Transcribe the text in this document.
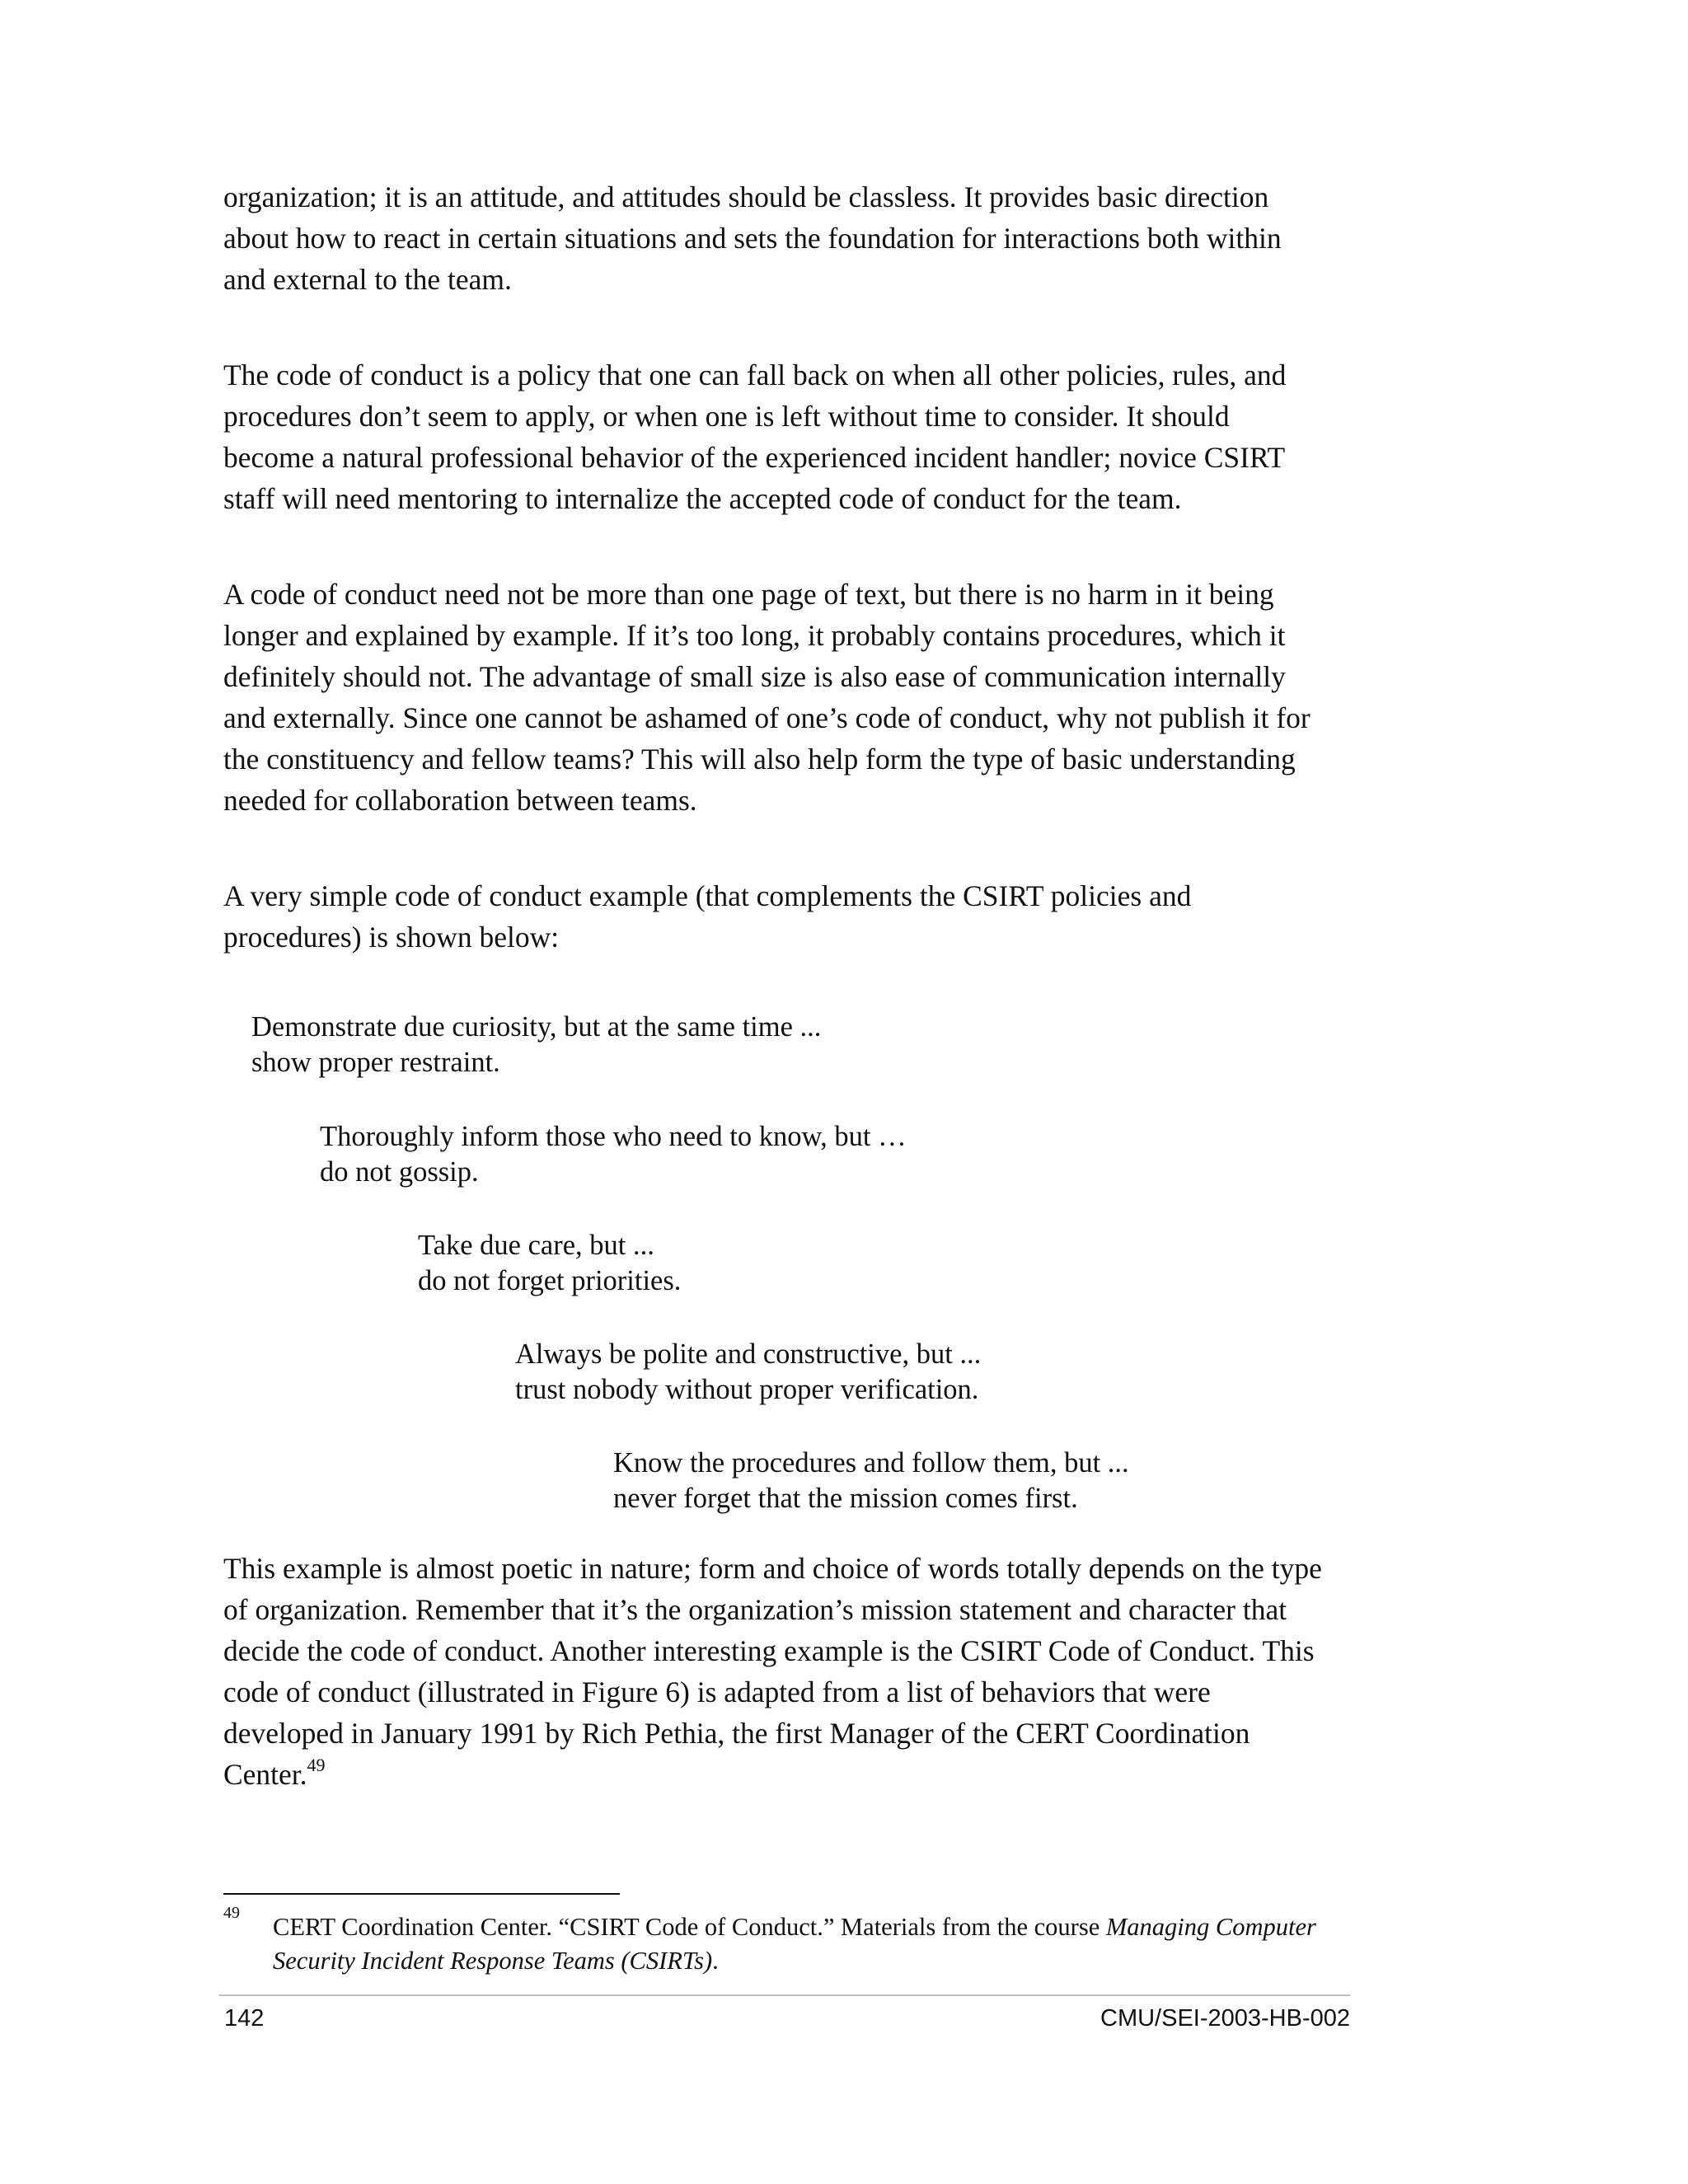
organization; it is an attitude, and attitudes should be classless. It provides basic direction
about how to react in certain situations and sets the foundation for interactions both within
and external to the team.

The code of conduct is a policy that one can fall back on when all other policies, rules, and
procedures don’t seem to apply, or when one is left without time to consider. It should
become a natural professional behavior of the experienced incident handler; novice CSIRT
staff will need mentoring to internalize the accepted code of conduct for the team.

A code of conduct need not be more than one page of text, but there is no harm in it being
longer and explained by example. If it’s too long, it probably contains procedures, which it
definitely should not. The advantage of small size is also ease of communication internally
and externally. Since one cannot be ashamed of one’s code of conduct, why not publish it for
the constituency and fellow teams? This will also help form the type of basic understanding
needed for collaboration between teams.

A very simple code of conduct example (that complements the CSIRT policies and
procedures) is shown below:

Demonstrate due curiosity, but at the same time ...
show proper restraint.

Thoroughly inform those who need to know, but …
do not gossip.

Take due care, but ...
do not forget priorities.

Always be polite and constructive, but ...
trust nobody without proper verification.

Know the procedures and follow them, but ...
never forget that the mission comes first.

This example is almost poetic in nature; form and choice of words totally depends on the type
of organization. Remember that it’s the organization’s mission statement and character that
decide the code of conduct. Another interesting example is the CSIRT Code of Conduct. This
code of conduct (illustrated in Figure 6) is adapted from a list of behaviors that were
developed in January 1991 by Rich Pethia, the first Manager of the CERT Coordination
Center.$^{49}$

49 CERT Coordination Center. “CSIRT Code of Conduct.” Materials from the course Managing Computer Security Incident Response Teams (CSIRTs).

142	CMU/SEI-2003-HB-002
